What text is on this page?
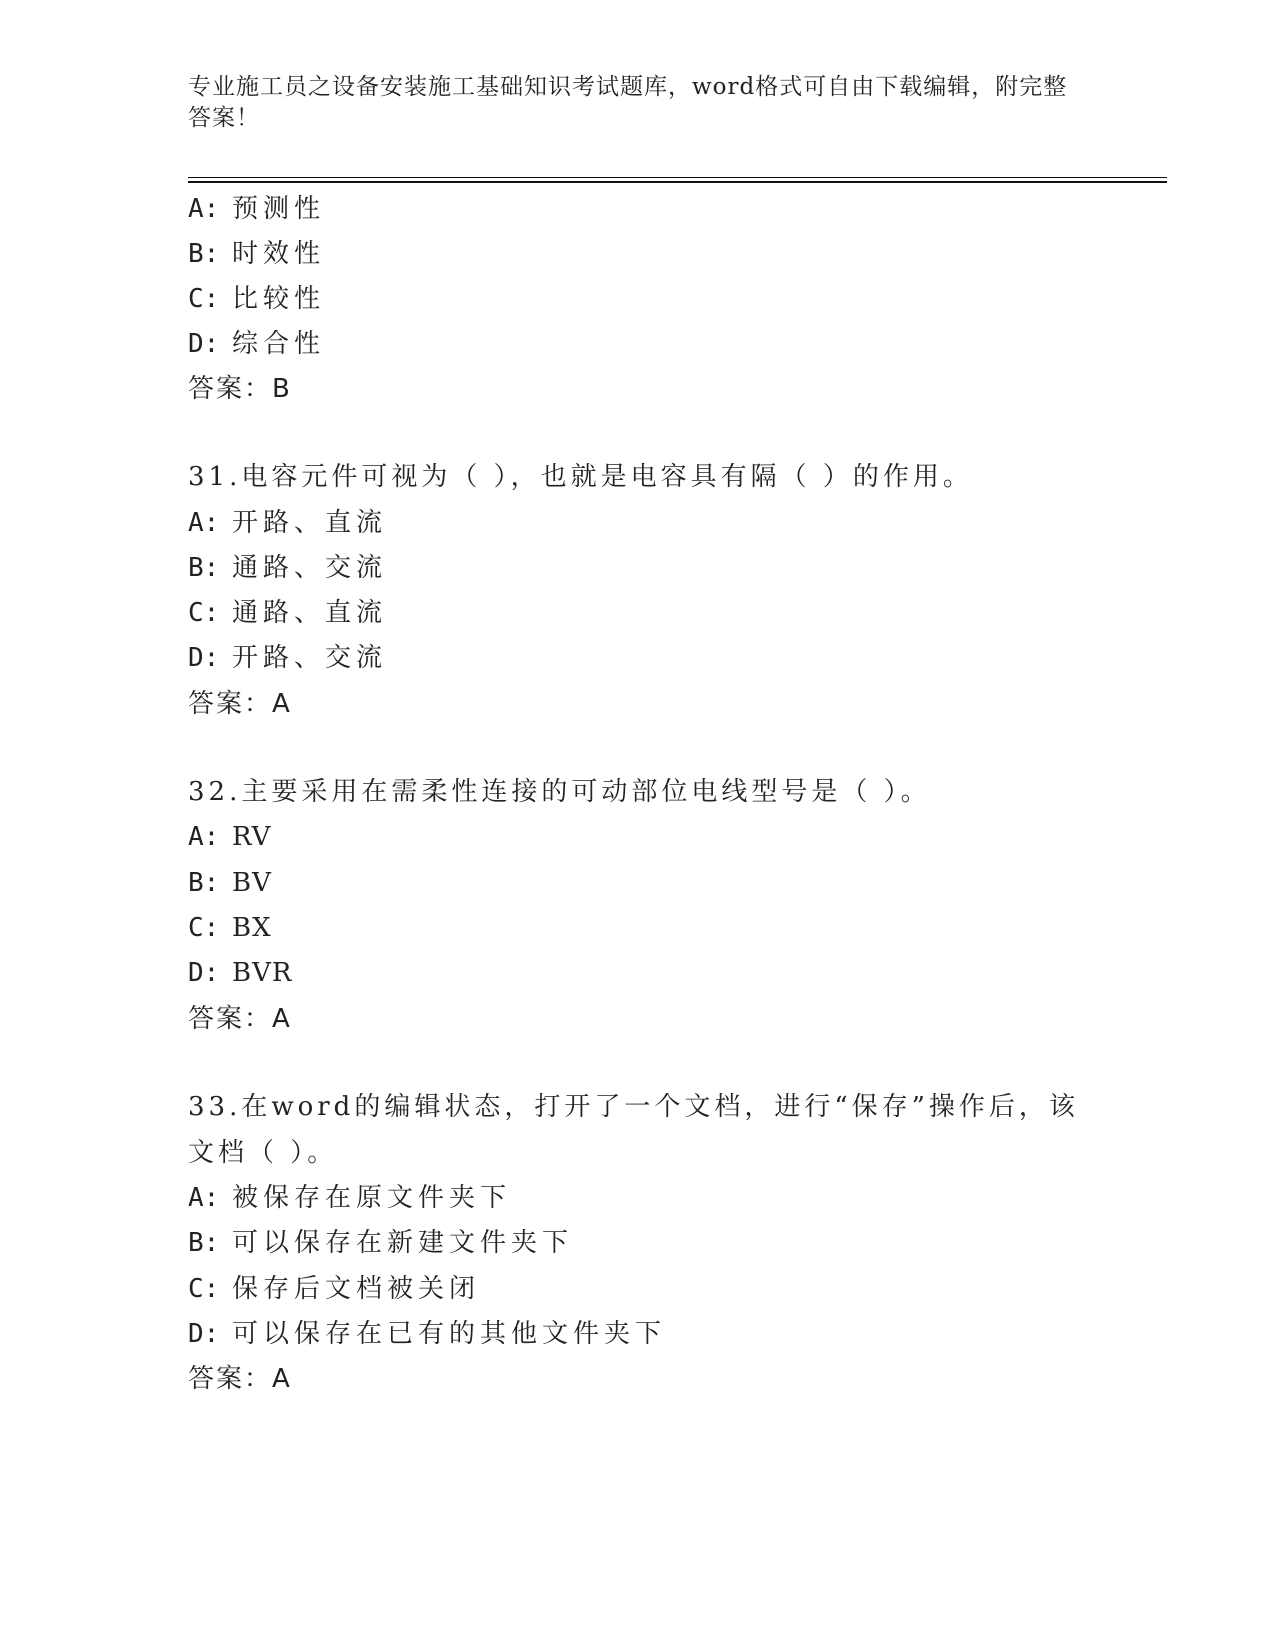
专业施工员之设备安装施工基础知识考试题库，word格式可自由下载编辑，附完整答案！
A: 预测性
B: 时效性
C: 比较性
D: 综合性
答案：B
31.电容元件可视为（ ），也就是电容具有隔（ ）的作用。
A: 开路、直流
B: 通路、交流
C: 通路、直流
D: 开路、交流
答案：A
32.主要采用在需柔性连接的可动部位电线型号是（ ）。
A: RV
B: BV
C: BX
D: BVR
答案：A
33.在word的编辑状态，打开了一个文档，进行“保存”操作后，该
文档（ ）。
A: 被保存在原文件夹下
B: 可以保存在新建文件夹下
C: 保存后文档被关闭
D: 可以保存在已有的其他文件夹下
答案：A
